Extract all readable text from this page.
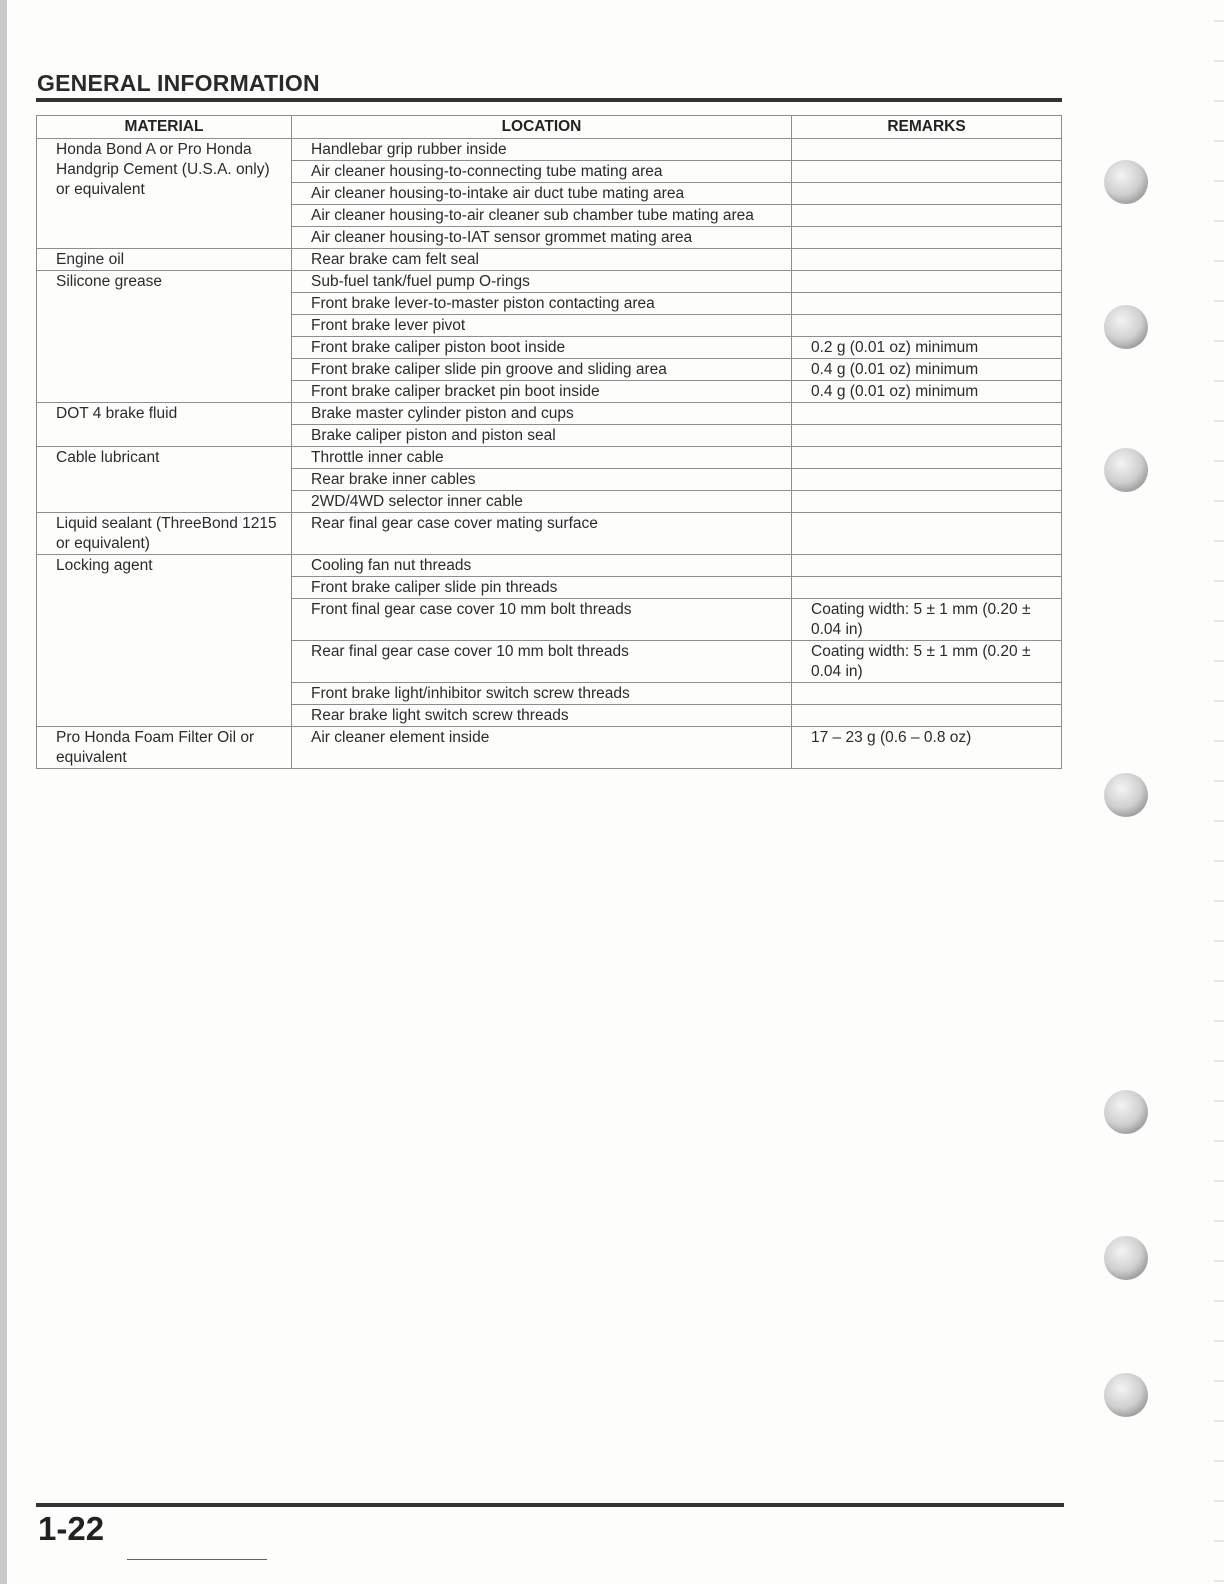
GENERAL INFORMATION
MATERIAL	LOCATION	REMARKS
Honda Bond A or Pro Honda Handgrip Cement (U.S.A. only) or equivalent	Handlebar grip rubber inside	
	Air cleaner housing-to-connecting tube mating area	
	Air cleaner housing-to-intake air duct tube mating area	
	Air cleaner housing-to-air cleaner sub chamber tube mating area	
	Air cleaner housing-to-IAT sensor grommet mating area	
Engine oil	Rear brake cam felt seal	
Silicone grease	Sub-fuel tank/fuel pump O-rings	
	Front brake lever-to-master piston contacting area	
	Front brake lever pivot	
	Front brake caliper piston boot inside	0.2 g (0.01 oz) minimum
	Front brake caliper slide pin groove and sliding area	0.4 g (0.01 oz) minimum
	Front brake caliper bracket pin boot inside	0.4 g (0.01 oz) minimum
DOT 4 brake fluid	Brake master cylinder piston and cups	
	Brake caliper piston and piston seal	
Cable lubricant	Throttle inner cable	
	Rear brake inner cables	
	2WD/4WD selector inner cable	
Liquid sealant (ThreeBond 1215 or equivalent)	Rear final gear case cover mating surface	
Locking agent	Cooling fan nut threads	
	Front brake caliper slide pin threads	
	Front final gear case cover 10 mm bolt threads	Coating width: 5 ± 1 mm (0.20 ± 0.04 in)
	Rear final gear case cover 10 mm bolt threads	Coating width: 5 ± 1 mm (0.20 ± 0.04 in)
	Front brake light/inhibitor switch screw threads	
	Rear brake light switch screw threads	
Pro Honda Foam Filter Oil or equivalent	Air cleaner element inside	17 – 23 g (0.6 – 0.8 oz)
1-22
